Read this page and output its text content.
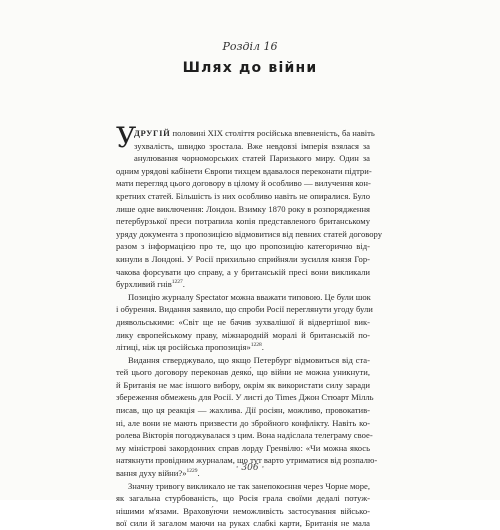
Розділ 16
Шлях до війни
У
ДРУГІЙ половині XIX століття російська впевненість, ба навіть
зухвалість, швидко зростала. Вже невдовзі імперія взялася за
анулювання чорноморських статей Паризького миру. Один за
одним урядові кабінети Європи тихцем вдавалося переконати підтри-
мати перегляд цього договору в цілому й особливо — вилучення кон-
кретних статей. Більшість із них особливо навіть не опиралися. Було
лише одне виключення: Лондон. Взимку 1870 року в розпорядження
петербурзької преси потрапила копія представленого британському
уряду документа з пропозицією відмовитися від певних статей договору
разом з інформацією про те, що цю пропозицію категорично від-
кинули в Лондоні. У Росії прихильно сприйняли зусилля князя Гор-
чакова форсувати цю справу, а у британській пресі вони викликали
бурхливий гнів$^{1227}$.
Позицію журналу Spectator можна вважати типовою. Це були шок
і обурення. Видання заявило, що спроби Росії переглянути угоду були
диявольськими: «Світ ще не бачив зухвалішої й відвертішої вик-
лику європейському праву, міжнародній моралі й британській по-
літиці, ніж ця російська пропозиція»$^{1228}$.
Видання стверджувало, що якщо Петербург відмовиться від ста-
тей цього договору переконав деяко́, що війни не можна уникнути,
й Британія не має іншого вибору, окрім як використати силу заради
збереження обмежень для Росії. У листі до Times Джон Стюарт Мілль
писав, що ця реакція — жахлива. Дії росіян, можливо, провокатив-
ні, але вони не мають призвести до збройного конфлікту. Навіть ко-
ролева Вікторія погоджувалася з цим. Вона надіслала телеграму свое-
му міністрові закордонних справ лорду Гренвілю: «Чи можна якось
натякнути провідним журналам, що тут варто утриматися від розпалю-
вання духу війни?»$^{1229}$.
Значну тривогу викликало не так занепокоєння через Чорне море,
як загальна стурбованість, що Росія грала своїми дедалі потуж-
нішими м'язами. Врахову́ючи неможливість застосування військо-
вої сили й загалом маючи на руках слабкі карти, Британія не мала
· 306 ·
